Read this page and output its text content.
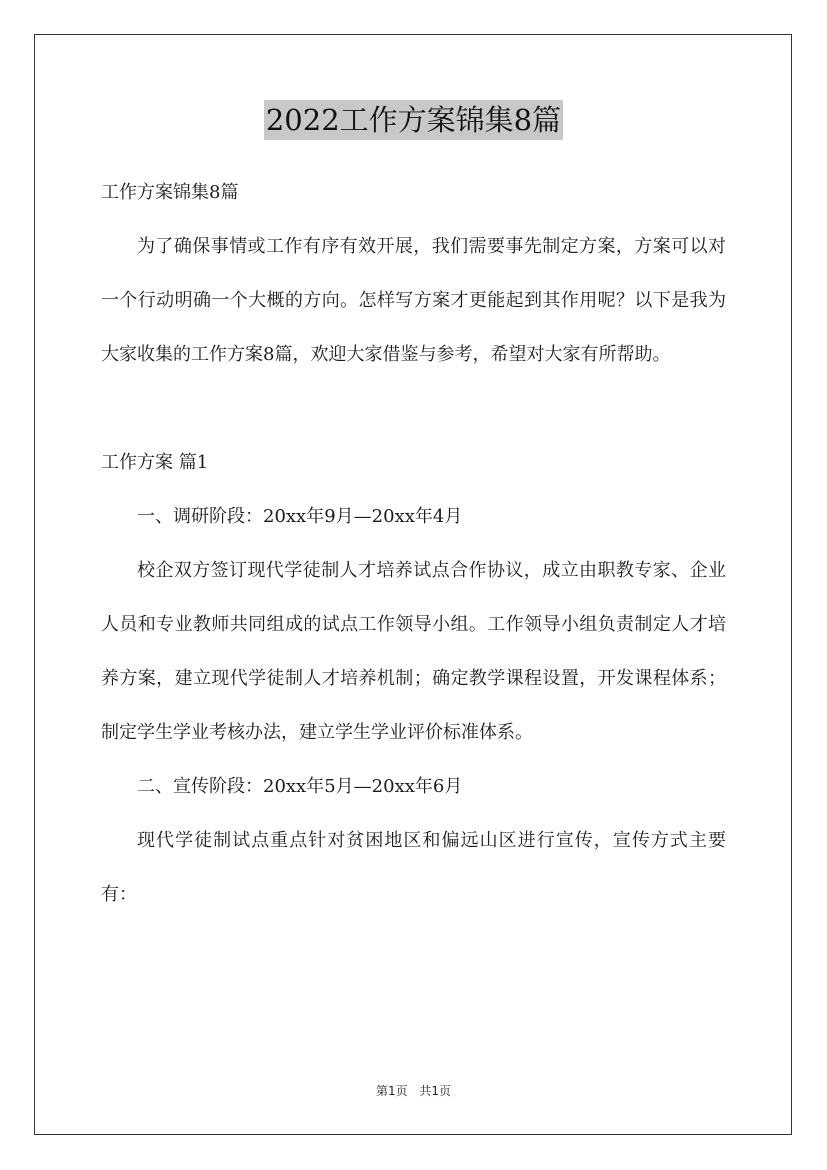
2022工作方案锦集8篇

工作方案锦集8篇

为了确保事情或工作有序有效开展，我们需要事先制定方案，方案可以对一个行动明确一个大概的方向。怎样写方案才更能起到其作用呢？以下是我为大家收集的工作方案8篇，欢迎大家借鉴与参考，希望对大家有所帮助。

工作方案 篇1

一、调研阶段：20xx年9月—20xx年4月

校企双方签订现代学徒制人才培养试点合作协议，成立由职教专家、企业人员和专业教师共同组成的试点工作领导小组。工作领导小组负责制定人才培养方案，建立现代学徒制人才培养机制；确定教学课程设置，开发课程体系；制定学生学业考核办法，建立学生学业评价标准体系。

二、宣传阶段：20xx年5月—20xx年6月

现代学徒制试点重点针对贫困地区和偏远山区进行宣传，宣传方式主要有：

第1页 共1页
